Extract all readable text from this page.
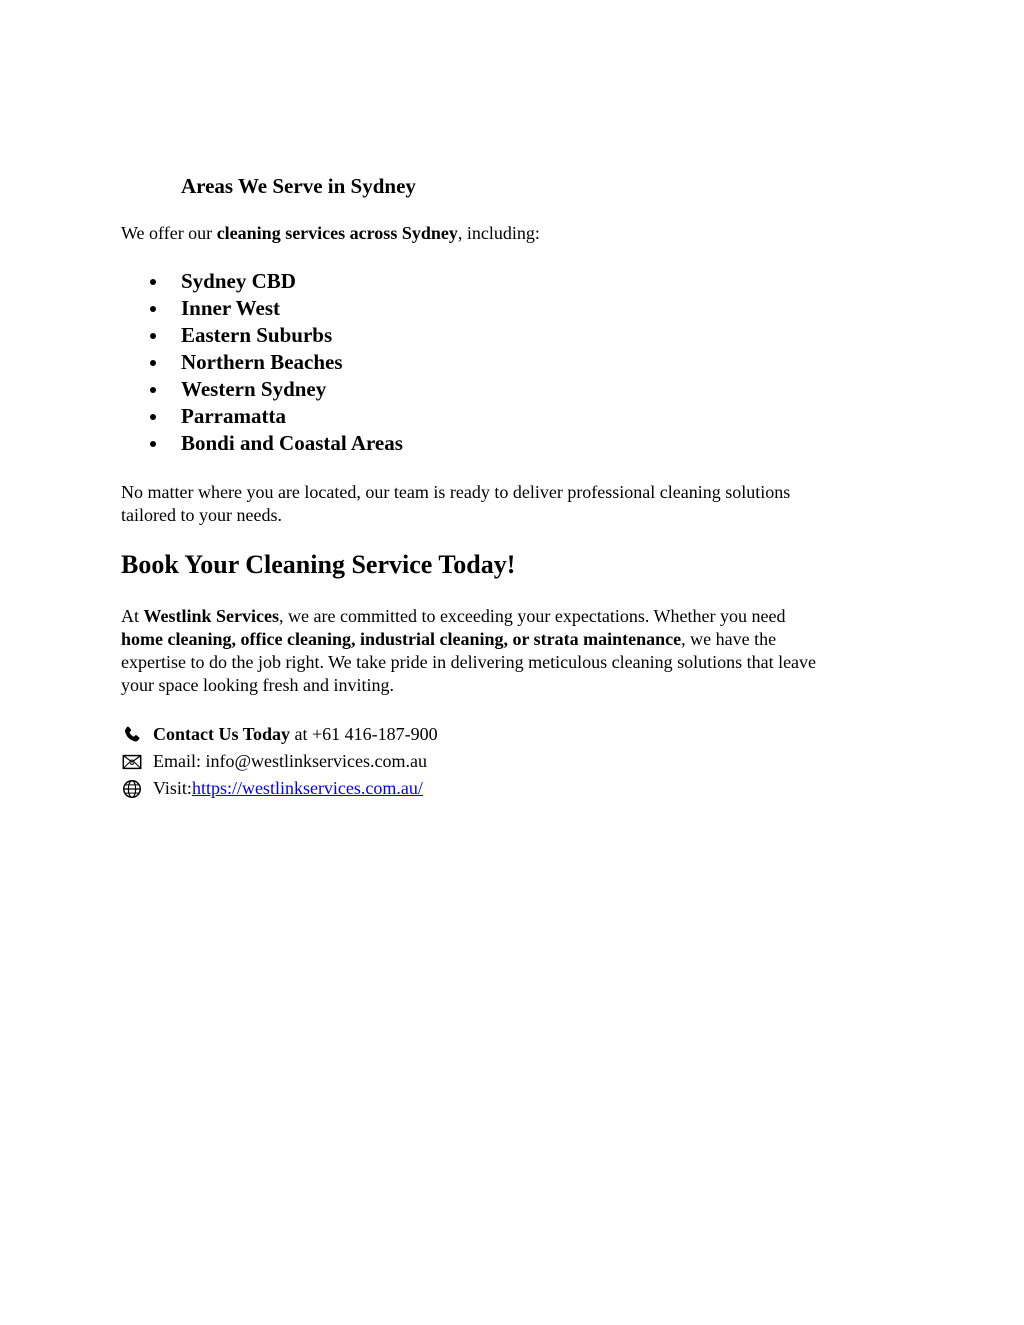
Areas We Serve in Sydney

We offer our cleaning services across Sydney, including:

Sydney CBD
Inner West
Eastern Suburbs
Northern Beaches
Western Sydney
Parramatta
Bondi and Coastal Areas

No matter where you are located, our team is ready to deliver professional cleaning solutions
tailored to your needs.

Book Your Cleaning Service Today!

At Westlink Services, we are committed to exceeding your expectations. Whether you need

home cleaning, office cleaning, industrial cleaning, or strata maintenance, we have the

expertise to do the job right. We take pride in delivering meticulous cleaning solutions that leave

your space looking fresh and inviting.

Contact Us Today at +61 416-187-900
Email: info@westlinkservices.com.au
Visit:https://westlinkservices.com.au/
